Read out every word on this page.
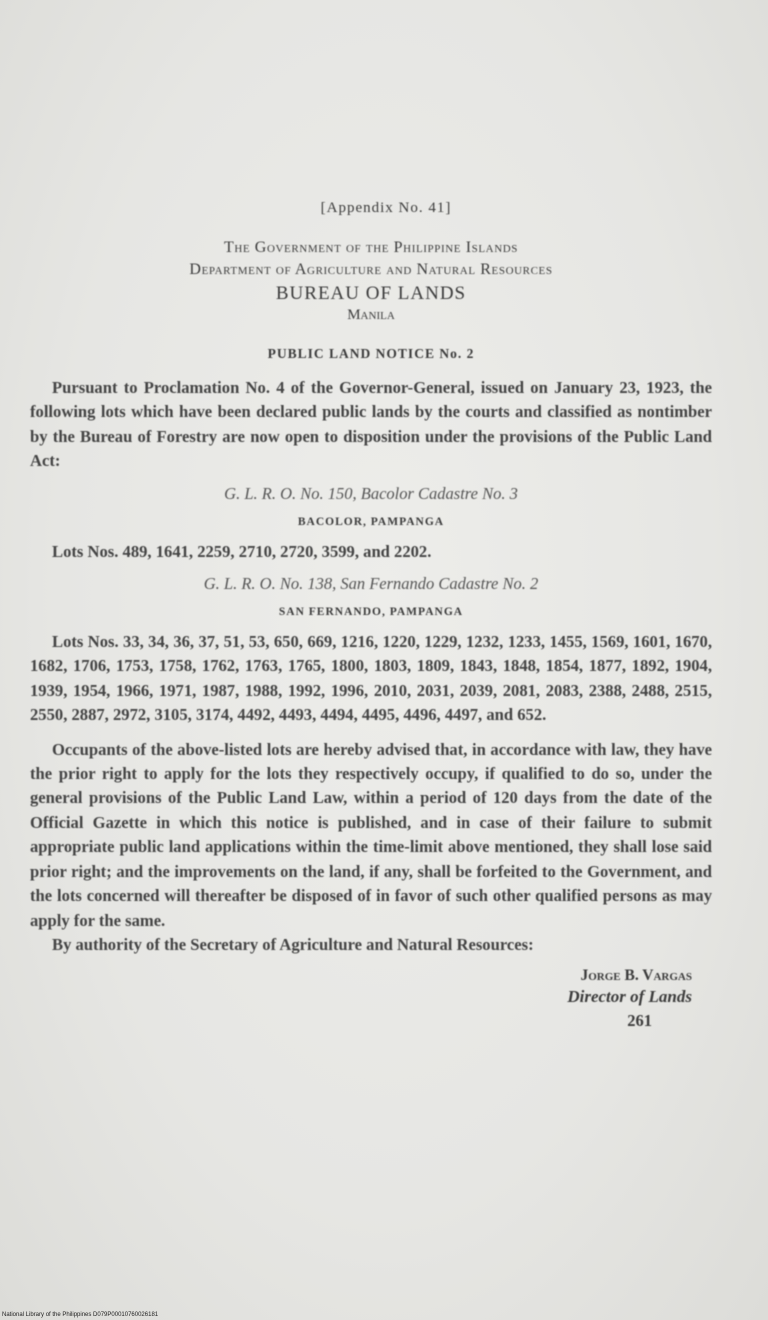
[Appendix No. 41]
The Government of the Philippine Islands
Department of Agriculture and Natural Resources
BUREAU OF LANDS
Manila
PUBLIC LAND NOTICE No. 2

Pursuant to Proclamation No. 4 of the Governor-General, issued on January 23, 1923, the following lots which have been declared public lands by the courts and classified as nontimber by the Bureau of Forestry are now open to disposition under the provisions of the Public Land Act:

G. L. R. O. No. 150, Bacolor Cadastre No. 3
BACOLOR, PAMPANGA

Lots Nos. 489, 1641, 2259, 2710, 2720, 3599, and 2202.

G. L. R. O. No. 138, San Fernando Cadastre No. 2
SAN FERNANDO, PAMPANGA

Lots Nos. 33, 34, 36, 37, 51, 53, 650, 669, 1216, 1220, 1229, 1232, 1233, 1455, 1569, 1601, 1670, 1682, 1706, 1753, 1758, 1762, 1763, 1765, 1800, 1803, 1809, 1843, 1848, 1854, 1877, 1892, 1904, 1939, 1954, 1966, 1971, 1987, 1988, 1992, 1996, 2010, 2031, 2039, 2081, 2083, 2388, 2488, 2515, 2550, 2887, 2972, 3105, 3174, 4492, 4493, 4494, 4495, 4496, 4497, and 652.

Occupants of the above-listed lots are hereby advised that, in accordance with law, they have the prior right to apply for the lots they respectively occupy, if qualified to do so, under the general provisions of the Public Land Law, within a period of 120 days from the date of the Official Gazette in which this notice is published, and in case of their failure to submit appropriate public land applications within the time-limit above mentioned, they shall lose said prior right; and the improvements on the land, if any, shall be forfeited to the Government, and the lots concerned will thereafter be disposed of in favor of such other qualified persons as may apply for the same.

By authority of the Secretary of Agriculture and Natural Resources:

Jorge B. Vargas
Director of Lands
261
National Library of the Philippines D079P00010760026181
